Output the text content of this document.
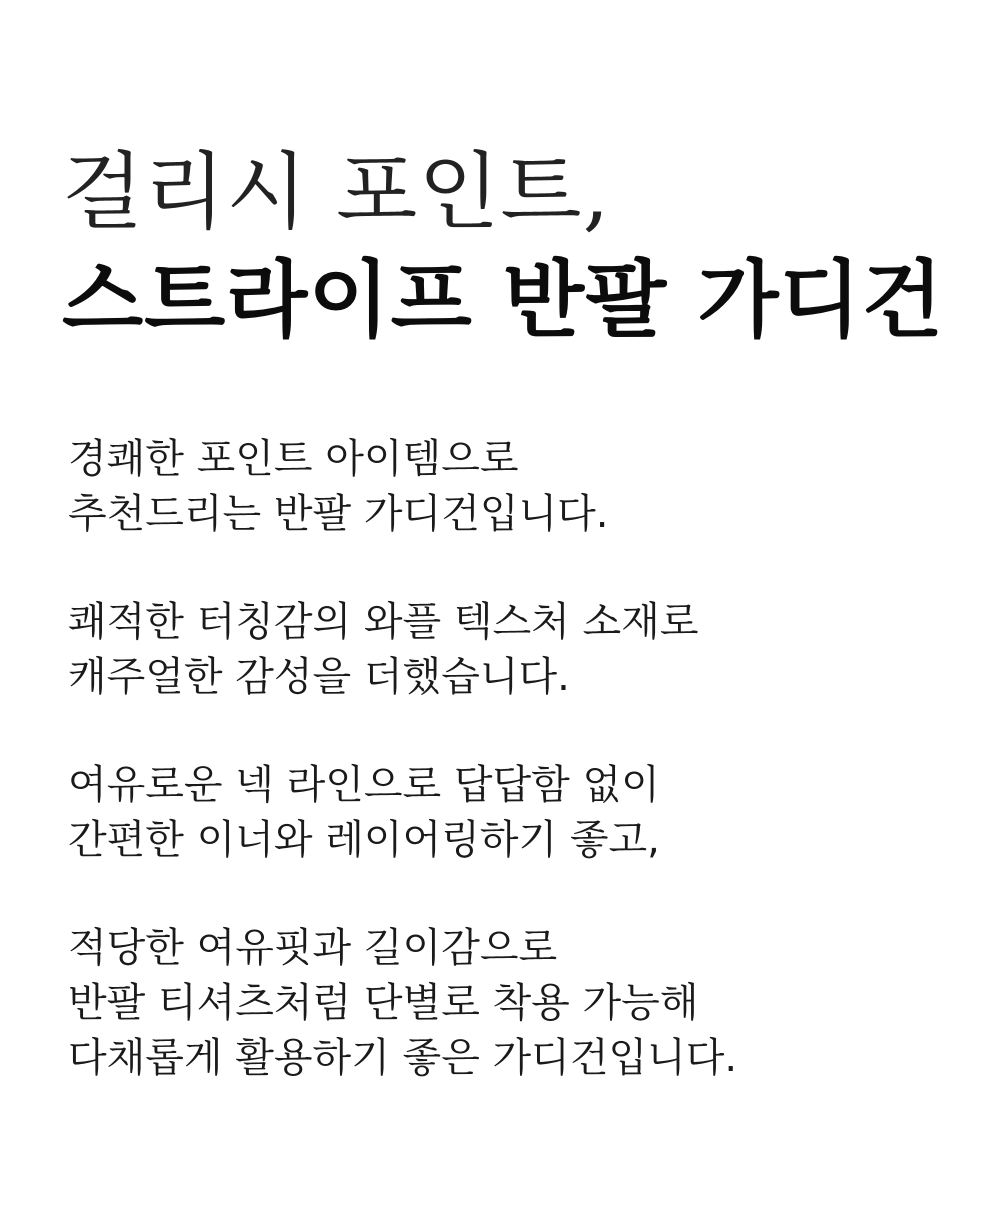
걸리시 포인트,
스트라이프 반팔 가디건
경쾌한 포인트 아이템으로
추천드리는 반팔 가디건입니다.
쾌적한 터칭감의 와플 텍스처 소재로
캐주얼한 감성을 더했습니다.
여유로운 넥 라인으로 답답함 없이
간편한 이너와 레이어링하기 좋고,
적당한 여유핏과 길이감으로
반팔 티셔츠처럼 단별로 착용 가능해
다채롭게 활용하기 좋은 가디건입니다.
